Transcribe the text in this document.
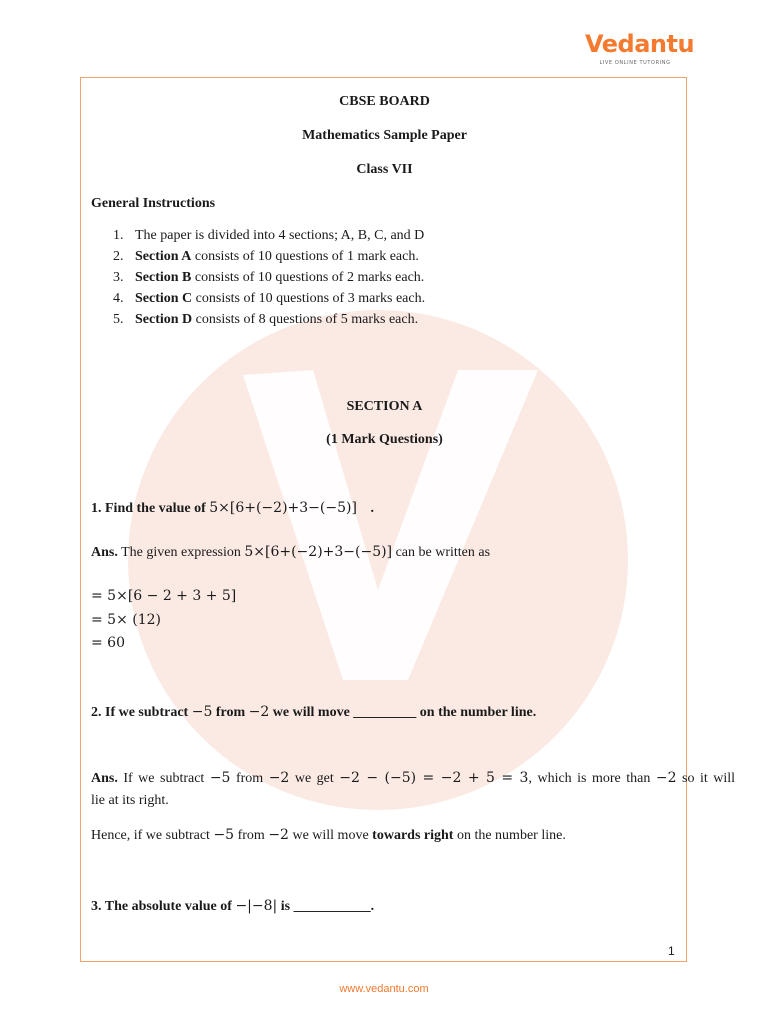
Vedantu
LIVE ONLINE TUTORING
CBSE BOARD
Mathematics Sample Paper
Class VII
General Instructions
1. The paper is divided into 4 sections; A, B, C, and D
2. Section A consists of 10 questions of 1 mark each.
3. Section B consists of 10 questions of 2 marks each.
4. Section C consists of 10 questions of 3 marks each.
5. Section D consists of 8 questions of 5 marks each.
SECTION A
(1 Mark Questions)
1. Find the value of 5×[6+(−2)+3−(−5)] .
Ans. The given expression 5×[6+(−2)+3−(−5)] can be written as
= 5×[6 − 2 + 3 + 5]
= 5× (12)
= 60
2. If we subtract −5 from −2 we will move _________ on the number line.
Ans. If we subtract −5 from −2 we get −2 − (−5) = −2 + 5 = 3, which is more than −2 so it will
lie at its right.
Hence, if we subtract −5 from −2 we will move towards right on the number line.
3. The absolute value of −|−8| is ___________.
1
www.vedantu.com
